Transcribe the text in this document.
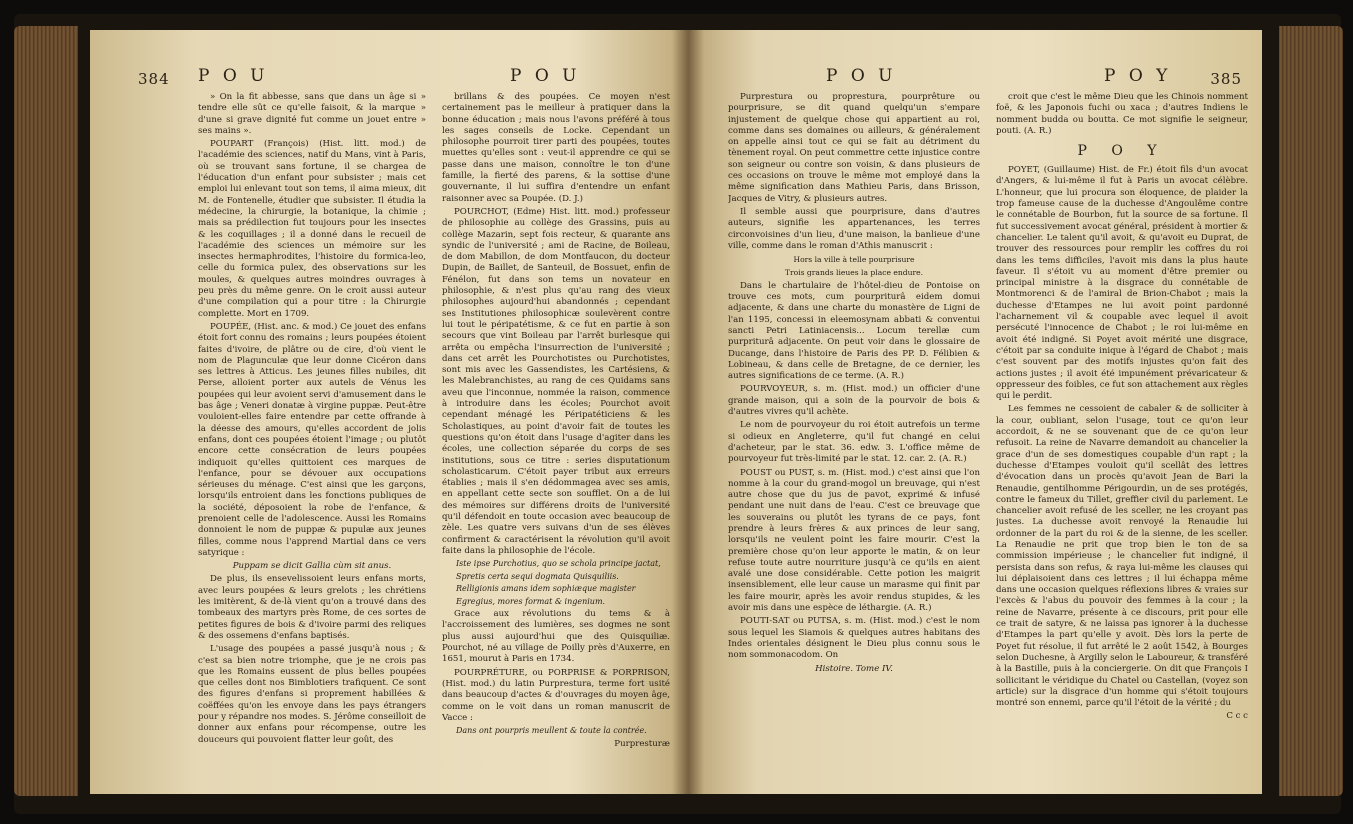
384 P O U	P O U

» On la fit abbesse, sans que dans un âge si » tendre elle sût ce qu'elle faisoit, & la marque » d'une si grave dignité fut comme un jouet entre » ses mains ».

POUPART (François) (Hist. litt. mod.) de l'académie des sciences, natif du Mans, vint à Paris, où se trouvant sans fortune, il se chargea de l'éducation d'un enfant pour subsister ; mais cet emploi lui enlevant tout son tems, il aima mieux, dit M. de Fontenelle, étudier que subsister. Il étudia la médecine, la chirurgie, la botanique, la chimie ; mais sa prédilection fut toujours pour les insectes & les coquillages ; il a donné dans le recueil de l'académie des sciences un mémoire sur les insectes hermaphrodites, l'histoire du formica-leo, celle du formica pulex, des observations sur les moules, & quelques autres moindres ouvrages à peu près du même genre. On le croit aussi auteur d'une compilation qui a pour titre : la Chirurgie complette. Mort en 1709.

POUPÉE, (Hist. anc. & mod.) Ce jouet des enfans étoit fort connu des romains ; leurs poupées étoient faites d'ivoire, de plâtre ou de cire, d'où vient le nom de Plagunculæ que leur donne Cicéron dans ses lettres à Atticus. Les jeunes filles nubiles, dit Perse, alloient porter aux autels de Vénus les poupées qui leur avoient servi d'amusement dans le bas âge ; Veneri donatæ à virgine puppæ. Peut-être vouloient-elles faire entendre par cette offrande à la déesse des amours, qu'elles accordent de jolis enfans, dont ces poupées étoient l'image ; ou plutôt encore cette consécration de leurs poupées indiquoit qu'elles quittoient ces marques de l'enfance, pour se dévouer aux occupations sérieuses du ménage. C'est ainsi que les garçons, lorsqu'ils entroient dans les fonctions publiques de la société, déposoient la robe de l'enfance, & prenoient celle de l'adolescence. Aussi les Romains donnoient le nom de puppæ & pupulæ aux jeunes filles, comme nous l'apprend Martial dans ce vers satyrique :

Puppam se dicit Gallia cùm sit anus.

De plus, ils ensevelissoient leurs enfans morts, avec leurs poupées & leurs grelots ; les chrétiens les imitèrent, & de-là vient qu'on a trouvé dans des tombeaux des martyrs près Rome, de ces sortes de petites figures de bois & d'ivoire parmi des reliques & des ossemens d'enfans baptisés.

L'usage des poupées a passé jusqu'à nous ; & c'est sa bien notre triomphe, que je ne crois pas que les Romains eussent de plus belles poupées que celles dont nos Bimblotiers trafiquent. Ce sont des figures d'enfans si proprement habillées & coëffées qu'on les envoye dans les pays étrangers pour y répandre nos modes. S. Jérôme conseilloit de donner aux enfans pour récompense, outre les douceurs qui pouvoient flatter leur goût, des

brillans & des poupées. Ce moyen n'est certainement pas le meilleur à pratiquer dans la bonne éducation ; mais nous l'avons préféré à tous les sages conseils de Locke. Cependant un philosophe pourroit tirer parti des poupées, toutes muettes qu'elles sont : veut-il apprendre ce qui se passe dans une maison, connoître le ton d'une famille, la fierté des parens, & la sottise d'une gouvernante, il lui suffira d'entendre un enfant raisonner avec sa Poupée. (D. J.)

POURCHOT, (Edme) Hist. litt. mod.) professeur de philosophie au collège des Grassins, puis au collège Mazarin, sept fois recteur, & quarante ans syndic de l'université ; ami de Racine, de Boileau, de dom Mabillon, de dom Montfaucon, du docteur Dupin, de Baillet, de Santeuil, de Bossuet, enfin de Fénélon, fut dans son tems un novateur en philosophie, & n'est plus qu'au rang des vieux philosophes aujourd'hui abandonnés ; cependant ses Institutiones philosophicæ soulevèrent contre lui tout le péripatétisme, & ce fut en partie à son secours que vint Boileau par l'arrêt burlesque qui arrêta ou empêcha l'insurrection de l'université ; dans cet arrêt les Pourchotistes ou Purchotistes, sont mis avec les Gassendistes, les Cartésiens, & les Malebranchistes, au rang de ces Quidams sans aveu que l'inconnue, nommée la raison, commence à introduire dans les écoles; Pourchot avoit cependant ménagé les Péripatéticiens & les Scholastiques, au point d'avoir fait de toutes les questions qu'on étoit dans l'usage d'agiter dans les écoles, une collection séparée du corps de ses institutions, sous ce titre : series disputationum scholasticarum. C'étoit payer tribut aux erreurs établies ; mais il s'en dédommagea avec ses amis, en appellant cette secte son soufflet. On a de lui des mémoires sur différens droits de l'université qu'il défendoit en toute occasion avec beaucoup de zèle. Les quatre vers suivans d'un de ses élèves confirment & caractérisent la révolution qu'il avoit faite dans la philosophie de l'école.

Iste ipse Purchotius, quo se schola principe jactat,

Spretis certa sequi dogmata Quisquiliis.

Relligionis amans idem sophiæque magister

Egregius, mores format & ingenium.

Grace aux révolutions du tems & à l'accroissement des lumières, ses dogmes ne sont plus aussi aujourd'hui que des Quisquiliæ. Pourchot, né au village de Poilly près d'Auxerre, en 1651, mourut à Paris en 1734.

POURPRÉTURE, ou PORPRISE & PORPRISON, (Hist. mod.) du latin Purprestura, terme fort usité dans beaucoup d'actes & d'ouvrages du moyen âge, comme on le voit dans un roman manuscrit de Vacce :

Dans ont pourpris meullent & toute la contrée.

Purpresturæ

P O U	P O Y	385

Purprestura ou proprestura, pourprêture ou pourprisure, se dit quand quelqu'un s'empare injustement de quelque chose qui appartient au roi, comme dans ses domaines ou ailleurs, & généralement on appelle ainsi tout ce qui se fait au détriment du tènement royal. On peut commettre cette injustice contre son seigneur ou contre son voisin, & dans plusieurs de ces occasions on trouve le même mot employé dans la même signification dans Mathieu Paris, dans Brisson, Jacques de Vitry, & plusieurs autres.

Il semble aussi que pourprisure, dans d'autres auteurs, signifie les appartenances, les terres circonvoisines d'un lieu, d'une maison, la banlieue d'une ville, comme dans le roman d'Athis manuscrit :

Hors la ville à telle pourprisure

Trois grands lieues la place endure.

Dans le chartulaire de l'hôtel-dieu de Pontoise on trouve ces mots, cum pourpriturâ eidem domui adjacente, & dans une charte du monastère de Ligni de l'an 1195, concessi in eleemosynam abbati & conventui sancti Petri Latiniacensis... Locum terellæ cum purpriturâ adjacente. On peut voir dans le glossaire de Ducange, dans l'histoire de Paris des PP. D. Félibien & Lobineau, & dans celle de Bretagne, de ce dernier, les autres significations de ce terme. (A. R.)

POURVOYEUR, s. m. (Hist. mod.) un officier d'une grande maison, qui a soin de la pourvoir de bois & d'autres vivres qu'il achète.

Le nom de pourvoyeur du roi étoit autrefois un terme si odieux en Angleterre, qu'il fut changé en celui d'acheteur, par le stat. 36. edw. 3. L'office même de pourvoyeur fut très-limité par le stat. 12. car. 2. (A. R.)

POUST ou PUST, s. m. (Hist. mod.) c'est ainsi que l'on nomme à la cour du grand-mogol un breuvage, qui n'est autre chose que du jus de pavot, exprimé & infusé pendant une nuit dans de l'eau. C'est ce breuvage que les souverains ou plutôt les tyrans de ce pays, font prendre à leurs frères & aux princes de leur sang, lorsqu'ils ne veulent point les faire mourir. C'est la première chose qu'on leur apporte le matin, & on leur refuse toute autre nourriture jusqu'à ce qu'ils en aient avalé une dose considérable. Cette potion les maigrit insensiblement, elle leur cause un marasme qui finit par les faire mourir, après les avoir rendus stupides, & les avoir mis dans une espèce de léthargie. (A. R.)

POUTI-SAT ou PUTSA, s. m. (Hist. mod.) c'est le nom sous lequel les Siamois & quelques autres habitans des Indes orientales désignent le Dieu plus connu sous le nom sommonacodom. On

Histoire. Tome IV.

croit que c'est le même Dieu que les Chinois nomment foë, & les Japonois fuchi ou xaca ; d'autres Indiens le nomment budda ou boutta. Ce mot signifie le seigneur, pouti. (A. R.)

P O Y

POYET, (Guillaume) Hist. de Fr.) étoit fils d'un avocat d'Angers, & lui-même il fut à Paris un avocat célèbre. L'honneur, que lui procura son éloquence, de plaider la trop fameuse cause de la duchesse d'Angoulême contre le connétable de Bourbon, fut la source de sa fortune. Il fut successivement avocat général, président à mortier & chancelier. Le talent qu'il avoit, & qu'avoit eu Duprat, de trouver des ressources pour remplir les coffres du roi dans les tems difficiles, l'avoit mis dans la plus haute faveur. Il s'étoit vu au moment d'être premier ou principal ministre à la disgrace du connétable de Montmorenci & de l'amiral de Brion-Chabot ; mais la duchesse d'Etampes ne lui avoit point pardonné l'acharnement vil & coupable avec lequel il avoit persécuté l'innocence de Chabot ; le roi lui-même en avoit été indigné. Si Poyet avoit mérité une disgrace, c'étoit par sa conduite inique à l'égard de Chabot ; mais c'est souvent par des motifs injustes qu'on fait des actions justes ; il avoit été impunément prévaricateur & oppresseur des foibles, ce fut son attachement aux règles qui le perdit.

Les femmes ne cessoient de cabaler & de solliciter à la cour, oubliant, selon l'usage, tout ce qu'on leur accordoit, & ne se souvenant que de ce qu'on leur refusoit. La reine de Navarre demandoit au chancelier la grace d'un de ses domestiques coupable d'un rapt ; la duchesse d'Etampes vouloit qu'il scellât des lettres d'évocation dans un procès qu'avoit Jean de Bari la Renaudie, gentilhomme Périgourdin, un de ses protégés, contre le fameux du Tillet, greffier civil du parlement. Le chancelier avoit refusé de les sceller, ne les croyant pas justes. La duchesse avoit renvoyé la Renaudie lui ordonner de la part du roi & de la sienne, de les sceller. La Renaudie ne prit que trop bien le ton de sa commission impérieuse ; le chancelier fut indigné, il persista dans son refus, & raya lui-même les clauses qui lui déplaisoient dans ces lettres ; il lui échappa même dans une occasion quelques réflexions libres & vraies sur l'excès & l'abus du pouvoir des femmes à la cour ; la reine de Navarre, présente à ce discours, prit pour elle ce trait de satyre, & ne laissa pas ignorer à la duchesse d'Etampes la part qu'elle y avoit. Dès lors la perte de Poyet fut résolue, il fut arrêté le 2 août 1542, à Bourges selon Duchesne, à Argilly selon le Laboureur, & transféré à la Bastille, puis à la conciergerie. On dit que François I sollicitant le véridique du Chatel ou Castellan, (voyez son article) sur la disgrace d'un homme qui s'étoit toujours montré son ennemi, parce qu'il l'étoit de la vérité ; du

C c c
